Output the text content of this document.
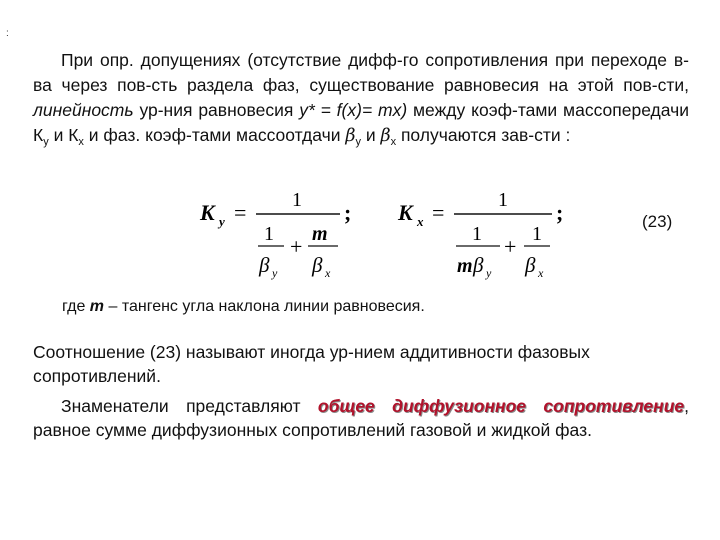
:

При опр. допущениях (отсутствие дифф-го сопротивления при переходе в-ва через пов-сть раздела фаз, существование равновесия на этой пов-сти, линейность ур-ния равновесия y* = f(x)= mx) между коэф-тами массопередачи $К_y$ и $К_x$ и фаз. коэф-тами массоотдачи $\beta_y$ и $\beta_x$ получаются зав-сти :

K y = 1
1
β y
+ m
β x
; K x =	1
1
m β y
+ 1
β x
;	(23)

где m – тангенс угла наклона линии равновесия.

Соотношение (23) называют иногда ур-нием аддитивности фазовых сопротивлений.

Знаменатели представляют общее диффузионное сопротивление, равное сумме диффузионных сопротивлений газовой и жидкой фаз.
